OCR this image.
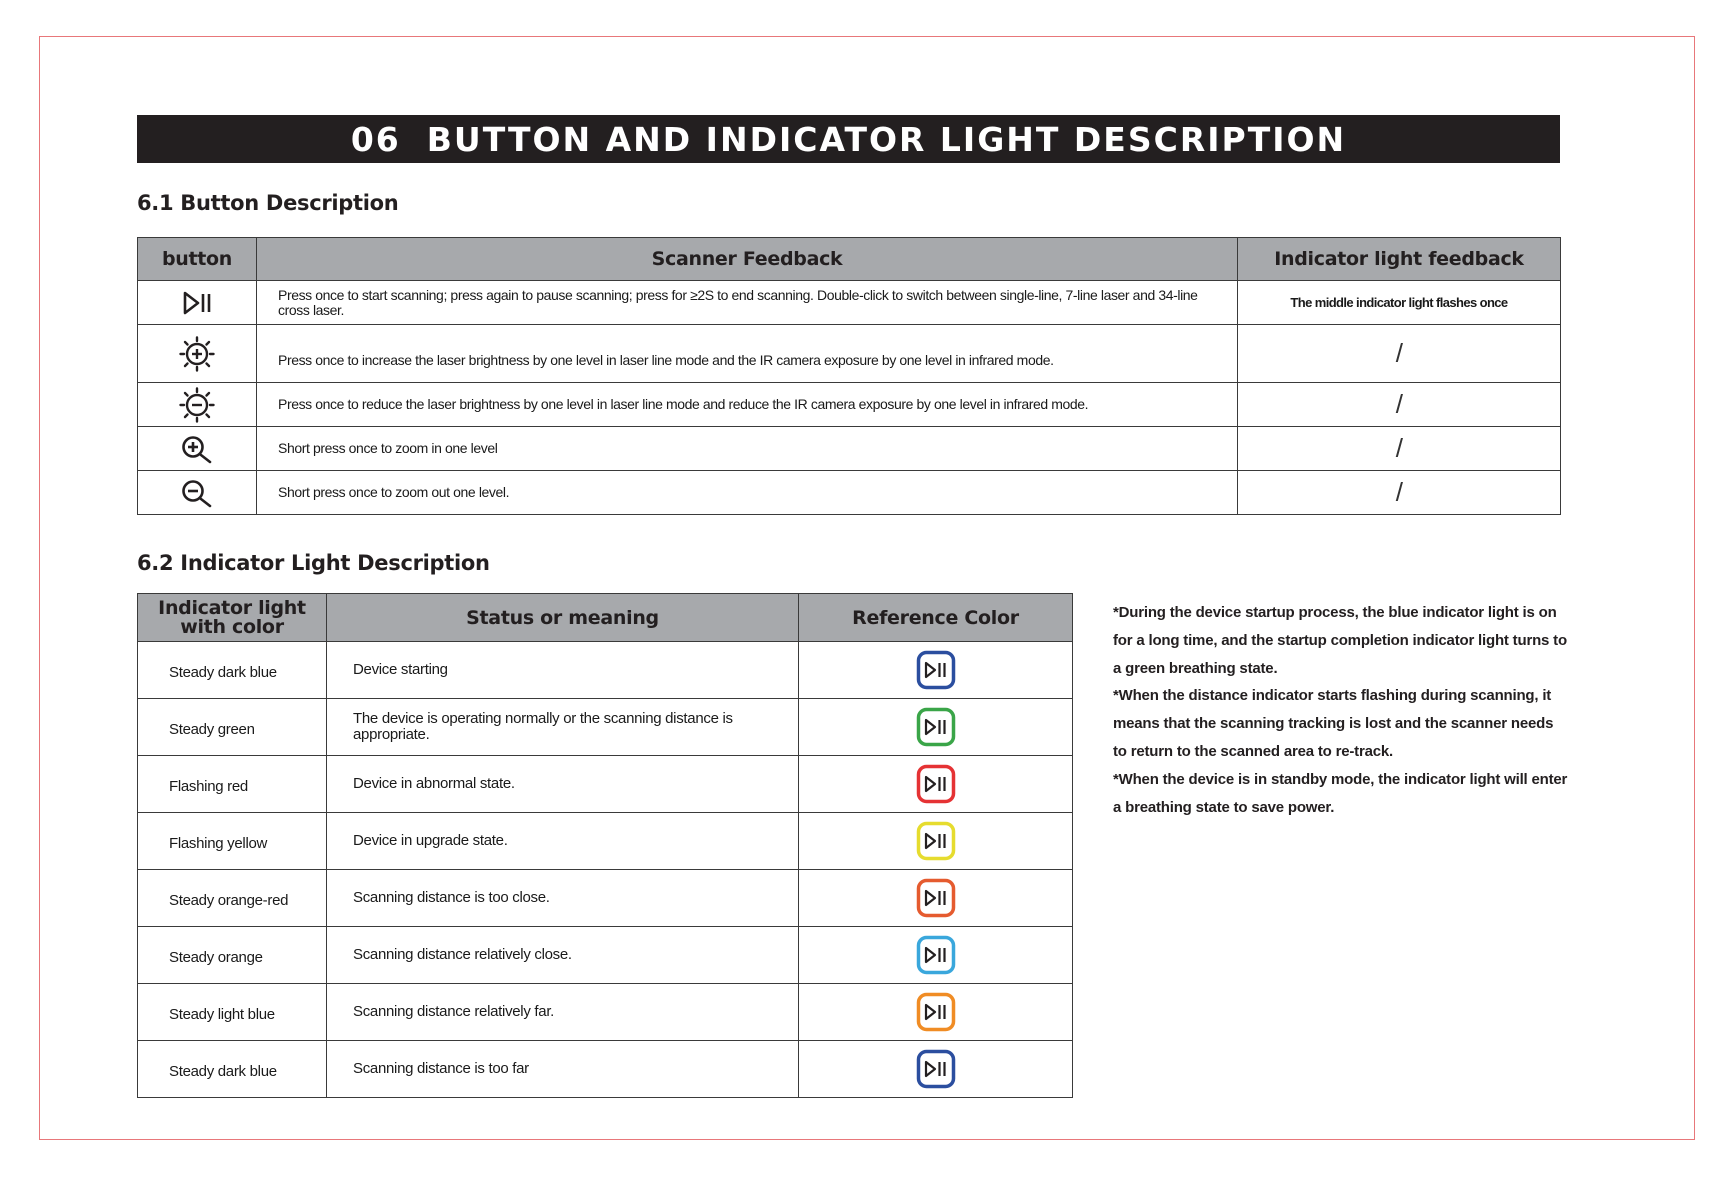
06 BUTTON AND INDICATOR LIGHT DESCRIPTION
6.1 Button Description
button	Scanner Feedback	Indicator light feedback
	Press once to start scanning; press again to pause scanning; press for ≥2S to end scanning. Double-click to switch between single-line, 7-line laser and 34-line cross laser.	The middle indicator light flashes once
	Press once to increase the laser brightness by one level in laser line mode and the IR camera exposure by one level in infrared mode.	/
	Press once to reduce the laser brightness by one level in laser line mode and reduce the IR camera exposure by one level in infrared mode.	/
	Short press once to zoom in one level	/
	Short press once to zoom out one level.	/
6.2 Indicator Light Description
Indicator light with color	Status or meaning	Reference Color
Steady dark blue	Device starting	
Steady green	The device is operating normally or the scanning distance is appropriate.	
Flashing red	Device in abnormal state.	
Flashing yellow	Device in upgrade state.	
Steady orange-red	Scanning distance is too close.	
Steady orange	Scanning distance relatively close.	
Steady light blue	Scanning distance relatively far.	
Steady dark blue	Scanning distance is too far	

*During the device startup process, the blue indicator light is on for a long time, and the startup completion indicator light turns to a green breathing state.

*When the distance indicator starts flashing during scanning, it means that the scanning tracking is lost and the scanner needs to return to the scanned area to re-track.

*When the device is in standby mode, the indicator light will enter a breathing state to save power.
